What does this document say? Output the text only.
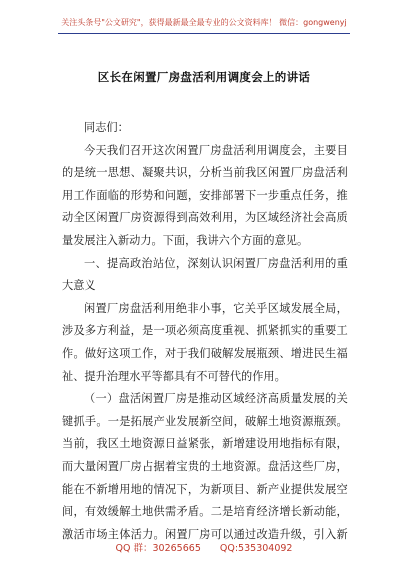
关注头条号"公文研究"，获得最新最全最专业的公文资料库！ 微信：gongwenyj
区长在闲置厂房盘活利用调度会上的讲话
同志们：
今 天 我 们 召 开 这 次 闲 置 厂 房 盘 活 利 用 调 度 会 ， 主 要 目
的 是 统 一 思 想 、 凝 聚 共 识 ， 分 析 当 前 我 区 闲 置 厂 房 盘 活 利
用 工 作 面 临 的 形 势 和 问 题 ， 安 排 部 署 下 一 步 重 点 任 务 ， 推
动 全 区 闲 置 厂 房 资 源 得 到 高 效 利 用 ， 为 区 域 经 济 社 会 高 质
量发展注入新动力。下面，我讲六个方面的意见。
一 、 提 高 政 治 站 位 ， 深 刻 认 识 闲 置 厂 房 盘 活 利 用 的 重
大意义
闲 置 厂 房 盘 活 利 用 绝 非 小 事 ， 它 关 乎 区 域 发 展 全 局 ，
涉 及 多 方 利 益 ， 是 一 项 必 须 高 度 重 视 、 抓 紧 抓 实 的 重 要 工
作 。 做 好 这 项 工 作 ， 对 于 我 们 破 解 发 展 瓶 颈 、 增 进 民 生 福
祉、提升治理水平等都具有不可替代的作用。
（ 一 ） 盘 活 闲 置 厂 房 是 推 动 区 域 经 济 高 质 量 发 展 的 关
键 抓 手 。 一 是 拓 展 产 业 发 展 新 空 间 ， 破 解 土 地 资 源 瓶 颈 。
当 前 ， 我 区 土 地 资 源 日 益 紧 张 ， 新 增 建 设 用 地 指 标 有 限 ，
而 大 量 闲 置 厂 房 占 据 着 宝 贵 的 土 地 资 源 。 盘 活 这 些 厂 房 ，
能 在 不 新 增 用 地 的 情 况 下 ， 为 新 项 目 、 新 产 业 提 供 发 展 空
间 ， 有 效 缓 解 土 地 供 需 矛 盾 。 二 是 培 育 经 济 增 长 新 动 能 ，
激 活 市 场 主 体 活 力 。 闲 置 厂 房 可 以 通 过 改 造 升 级 ， 引 入 新
QQ 群：30265665 QQ:535304092
